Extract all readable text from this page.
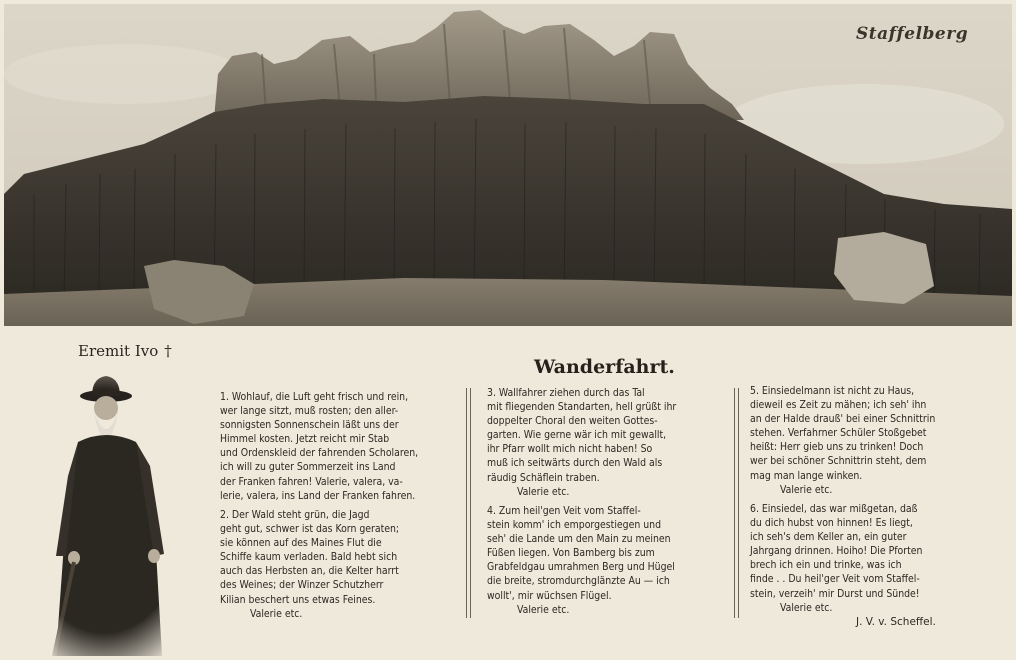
Staffelberg
Eremit Ivo †
Wanderfahrt.
1. Wohlauf, die Luft geht frisch und rein,
wer lange sitzt, muß rosten; den aller-
sonnigsten Sonnenschein läßt uns der
Himmel kosten. Jetzt reicht mir Stab
und Ordenskleid der fahrenden Scholaren,
ich will zu guter Sommerzeit ins Land
der Franken fahren! Valerie, valera, va-
lerie, valera, ins Land der Franken fahren.
2. Der Wald steht grün, die Jagd
geht gut, schwer ist das Korn geraten;
sie können auf des Maines Flut die
Schiffe kaum verladen. Bald hebt sich
auch das Herbsten an, die Kelter harrt
des Weines; der Winzer Schutzherr
Kilian beschert uns etwas Feines.
Valerie etc.
3. Wallfahrer ziehen durch das Tal
mit fliegenden Standarten, hell grüßt ihr
doppelter Choral den weiten Gottes-
garten. Wie gerne wär ich mit gewallt,
ihr Pfarr wollt mich nicht haben! So
muß ich seitwärts durch den Wald als
räudig Schäflein traben.
Valerie etc.
4. Zum heil'gen Veit vom Staffel-
stein komm' ich emporgestiegen und
seh' die Lande um den Main zu meinen
Füßen liegen. Von Bamberg bis zum
Grabfeldgau umrahmen Berg und Hügel
die breite, stromdurchglänzte Au — ich
wollt', mir wüchsen Flügel.
Valerie etc.
5. Einsiedelmann ist nicht zu Haus,
dieweil es Zeit zu mähen; ich seh' ihn
an der Halde drauß' bei einer Schnittrin
stehen. Verfahrner Schüler Stoßgebet
heißt: Herr gieb uns zu trinken! Doch
wer bei schöner Schnittrin steht, dem
mag man lange winken.
Valerie etc.
6. Einsiedel, das war mißgetan, daß
du dich hubst von hinnen! Es liegt,
ich seh's dem Keller an, ein guter
Jahrgang drinnen. Hoiho! Die Pforten
brech ich ein und trinke, was ich
finde . . Du heil'ger Veit vom Staffel-
stein, verzeih' mir Durst und Sünde!
Valerie etc.
J. V. v. Scheffel.
